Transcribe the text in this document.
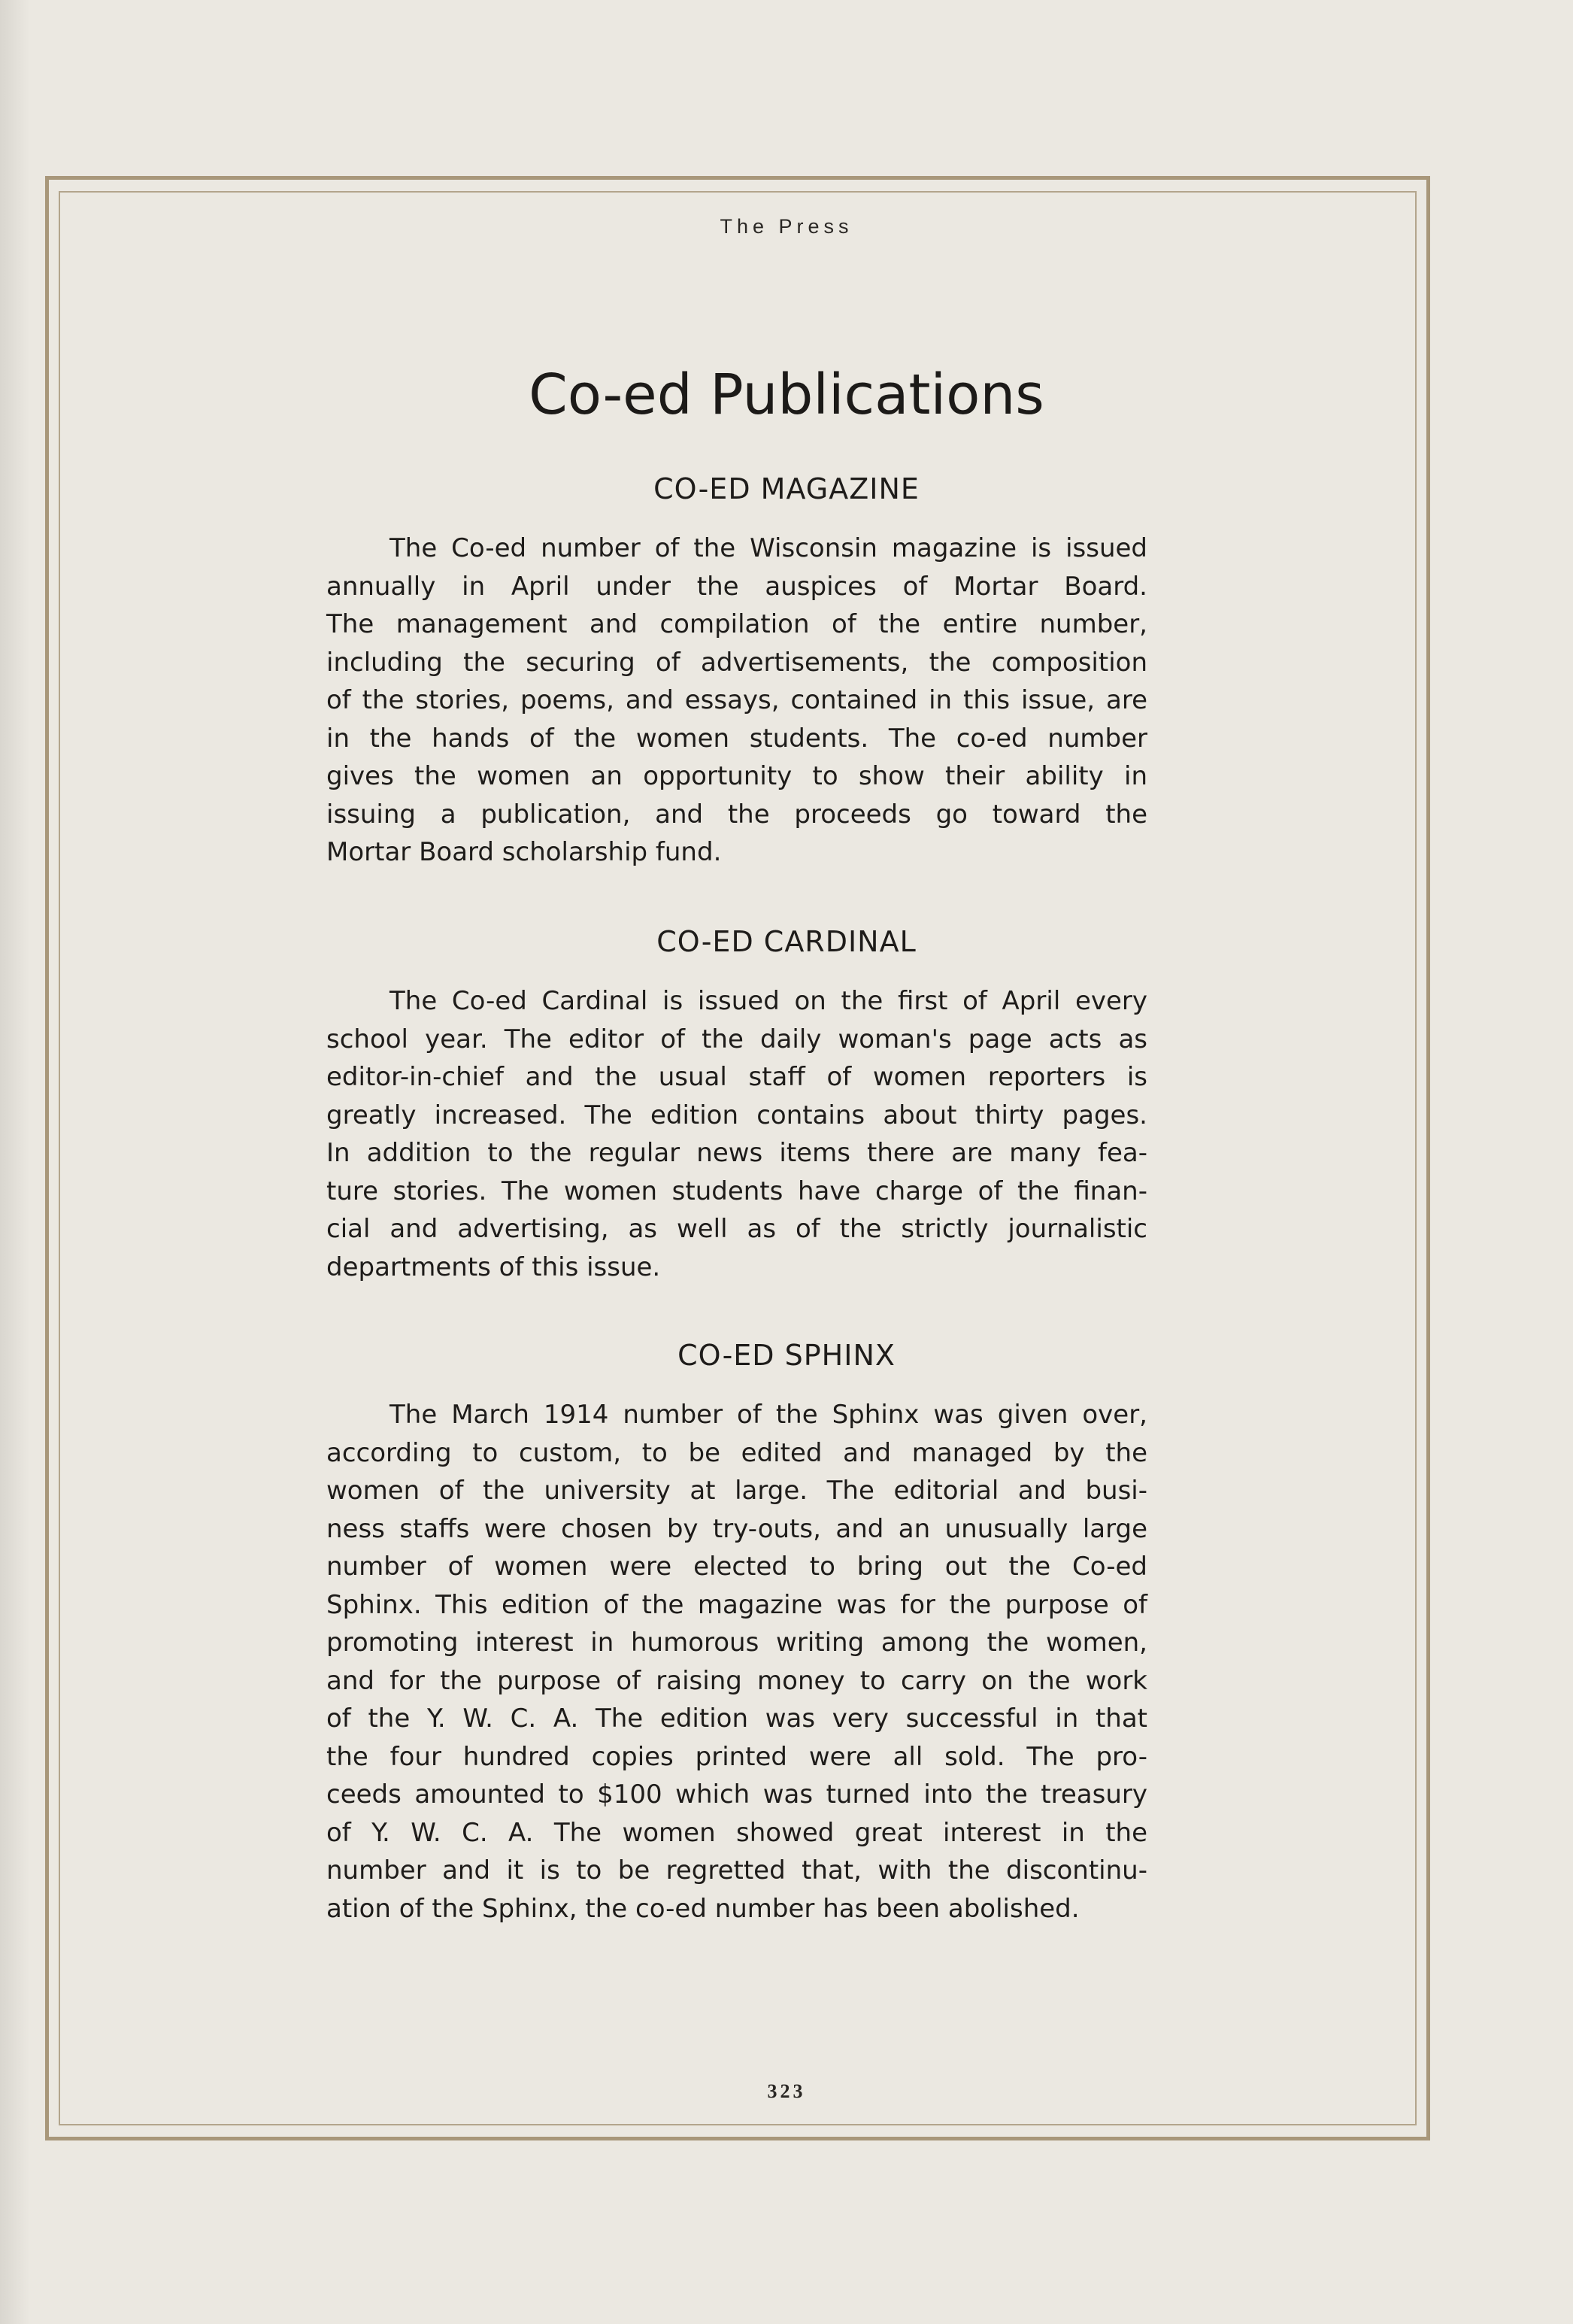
The Press
Co-ed Publications
CO-ED MAGAZINE
The Co-ed number of the Wisconsin magazine is issued
annually in April under the auspices of Mortar Board.
The management and compilation of the entire number,
including the securing of advertisements, the composition
of the stories, poems, and essays, contained in this issue, are
in the hands of the women students. The co-ed number
gives the women an opportunity to show their ability in
issuing a publication, and the proceeds go toward the
Mortar Board scholarship fund.
CO-ED CARDINAL
The Co-ed Cardinal is issued on the first of April every
school year. The editor of the daily woman's page acts as
editor-in-chief and the usual staff of women reporters is
greatly increased. The edition contains about thirty pages.
In addition to the regular news items there are many fea-
ture stories. The women students have charge of the finan-
cial and advertising, as well as of the strictly journalistic
departments of this issue.
CO-ED SPHINX
The March 1914 number of the Sphinx was given over,
according to custom, to be edited and managed by the
women of the university at large. The editorial and busi-
ness staffs were chosen by try-outs, and an unusually large
number of women were elected to bring out the Co-ed
Sphinx. This edition of the magazine was for the purpose of
promoting interest in humorous writing among the women,
and for the purpose of raising money to carry on the work
of the Y. W. C. A. The edition was very successful in that
the four hundred copies printed were all sold. The pro-
ceeds amounted to $100 which was turned into the treasury
of Y. W. C. A. The women showed great interest in the
number and it is to be regretted that, with the discontinu-
ation of the Sphinx, the co-ed number has been abolished.
323
